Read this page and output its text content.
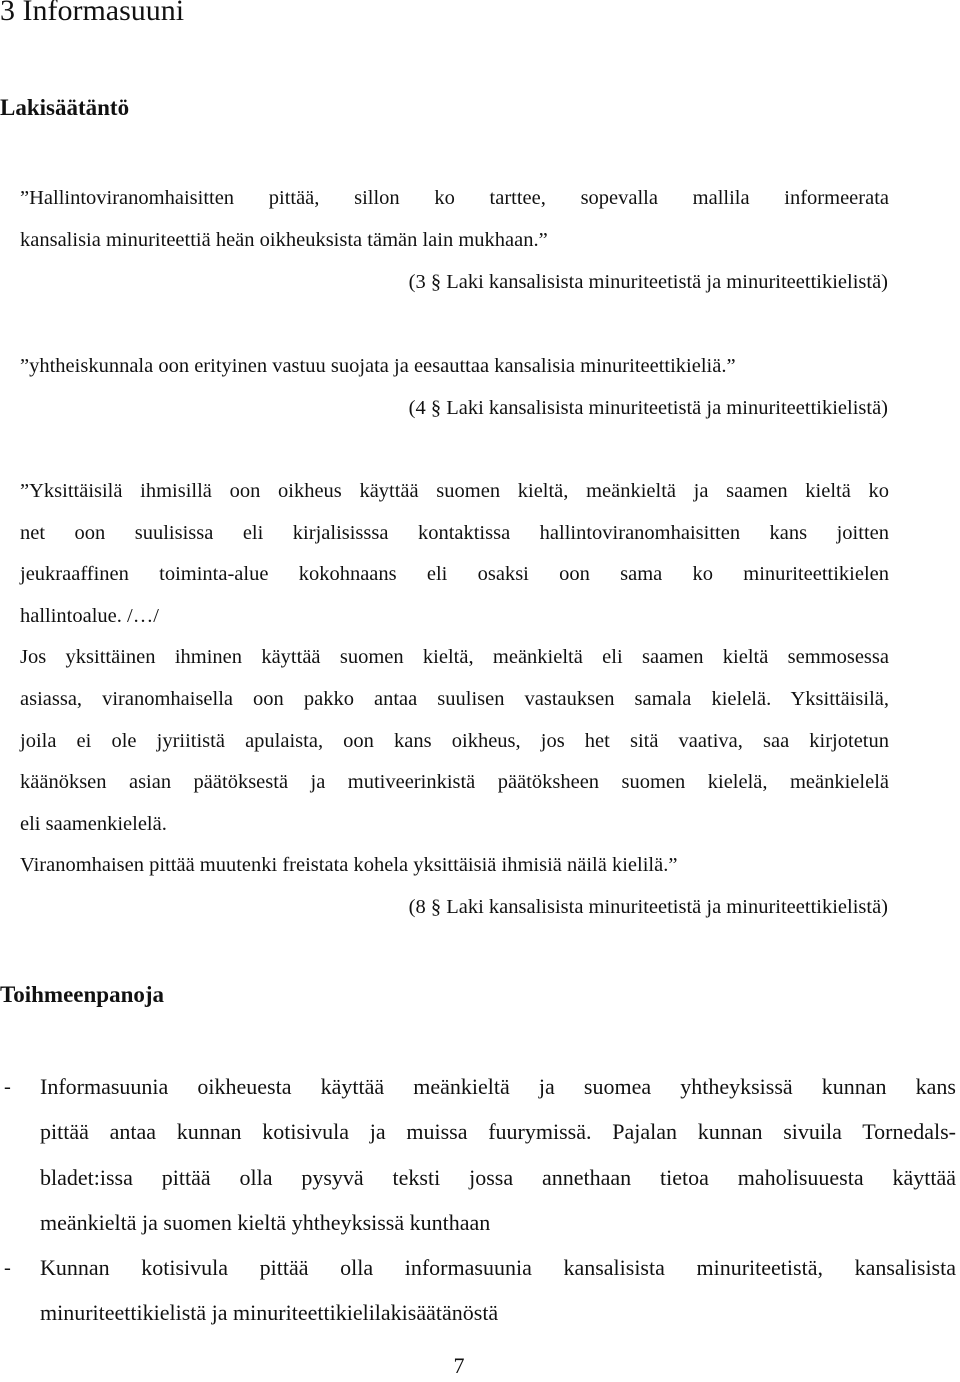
3 Informasuuni
Lakisäätäntö
”Hallintoviranomhaisitten pittää, sillon ko tarttee, sopevalla mallila informeerata
kansalisia minuriteettiä heän oikheuksista tämän lain mukhaan.”
(3 § Laki kansalisista minuriteetistä ja minuriteettikielistä)
”yhtheiskunnala oon erityinen vastuu suojata ja eesauttaa kansalisia minuriteettikieliä.”
(4 § Laki kansalisista minuriteetistä ja minuriteettikielistä)
”Yksittäisilä ihmisillä oon oikheus käyttää suomen kieltä, meänkieltä ja saamen kieltä ko
net oon suulisissa eli kirjalisisssa kontaktissa hallintoviranomhaisitten kans joitten
jeukraaffinen toiminta-alue kokohnaans eli osaksi oon sama ko minuriteettikielen
hallintoalue. /…/
Jos yksittäinen ihminen käyttää suomen kieltä, meänkieltä eli saamen kieltä semmosessa
asiassa, viranomhaisella oon pakko antaa suulisen vastauksen samala kielelä. Yksittäisilä,
joila ei ole jyriitistä apulaista, oon kans oikheus, jos het sitä vaativa, saa kirjotetun
käänöksen asian päätöksestä ja mutiveerinkistä päätöksheen suomen kielelä, meänkielelä
eli saamenkielelä.
Viranomhaisen pittää muutenki freistata kohela yksittäisiä ihmisiä näilä kielilä.”
(8 § Laki kansalisista minuriteetistä ja minuriteettikielistä)
Toihmeenpanoja
- Informasuunia oikheuesta käyttää meänkieltä ja suomea yhtheyksissä kunnan kans
pittää antaa kunnan kotisivula ja muissa fuurymissä. Pajalan kunnan sivuila Tornedals-
bladet:issa pittää olla pysyvä teksti jossa annethaan tietoa maholisuuesta käyttää
meänkieltä ja suomen kieltä yhtheyksissä kunthaan
- Kunnan kotisivula pittää olla informasuunia kansalisista minuriteetistä, kansalisista
minuriteettikielistä ja minuriteettikielilakisäätänöstä
7
